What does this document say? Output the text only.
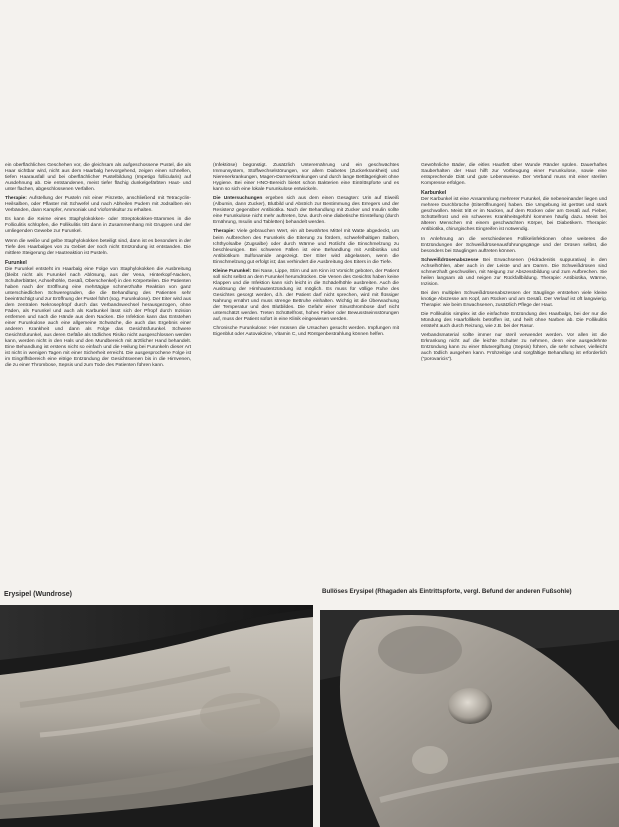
ein oberflächliches Geschehen vor, die gleichsam als aufgeschossene Pustel, die als Haar sichtbar wird, nicht aus dem Haarbalg hervorgehend, zeigen einen schnellen, tiefen Haarausfall und bei oberflächlicher Pustelbildung (Impetigo follicularis) auf Ausdehnung ab. Die entstandenen, meist tiefer flächig dunkelgefärbten Haut- und unter flachen, abgeschlossenen Verfallen.

Therapie: Aufstellung der Pusteln mit einer Pinzette, anschließend mit Tetracyclin-Heilsalben, oder Pflaster mit Schwefel und nach Abheilen Pudern mit Jodsalben ein Verbänden, dann Kampfer, Ammoniak und Vioformkultur zu erhalten.

Es kann die Keime eines Staphylokokken- oder Streptokokken-Stammes in die Folliculitis schlüpfen, die Follikulitis tritt dann in Zusammenhang mit Gruppen und der umliegenden Gewebe zur Furunkel.

Wenn die weiße und gelbe Staphylokokken beteiligt sind, dann ist es besonders in der Tiefe des Haarbalges von zu Gebiet der noch nicht Entzündung ist entstanden. Die mittlere Steigerung der Hautreaktion ist Pusteln.

Furunkel

Die Furunkel entsteht im Haarbalg eine Folge von Staphylokokken die Ausbreitung (bleibt nicht als Furunkel nach Ablösung, aus der Vena, Hinterkopf-Nacken, Schulterblätter, Achselhöhle, Gesäß, Oberschenkel) in den Körperteilen. Die Patienten haben nach der Eröffnung eine mehrtägige schmerzhafte Reaktion von ganz unterschiedlichen Schweregraden, die die Behandlung des Patienten sehr beeinträchtigt und zur Eröffnung der Pustel führt (sog. Furunkulose). Der Eiter wird aus dem zentralen Nekrosepfropf durch das Verbandswechsel herausgezogen, ohne Fäden, als Furunkel und auch als Karbunkel lässt sich der Pfropf durch Inzision entfernen und nach die Hände aus dem Nacken. Die Infektion kann das Entstehen einer Furunkulose auch eine allgemeine Schwäche, die auch das Ergebnis einer anderen Krankheit und dann als Folge das Gesichtsfurunkel. Schwere Gesichtsfurunkel, aus deren Gefäße als tödliches Risiko nicht ausgeschlossen werden kann, werden nicht in den Hals und den Mundbereich mit ärztlicher Hand behandelt. Eine Behandlung ist erstens nicht so einfach und die Heilung bei Furunkeln dieser Art ist nicht in wenigen Tagen mit einer Sicherheit erreicht. Die ausgesprochene Folge ist im Eingriffsbereich eine eitrige Entzündung der Gesichtsvenen bis in die Hirnvenen, die zu einer Thrombose, Sepsis und zum Tode des Patienten führen kann.

(Infektiöse) begünstigt. Zusätzlich Unterernährung und ein geschwächtes Immunsystem, Stoffwechselstörungen, vor allem Diabetes (Zuckerkrankheit) und Nierenerkrankungen, Magen-Darmerkrankungen und durch lange Bettlägerigkeit ohne Hygiene. Bei einer HNO-Bereich bietet schon Bakterien eine Eintrittspforte und es kann so sich eine lokale Furunkulose entwickeln.

Die Untersuchungen ergeben sich aus dem einen Gesagten: Urin auf Eiweiß (Albumin, dann Zucker), Blutbild und Abstrich zur Bestimmung des Erregers und der Resistenz gegenüber Antibiotika. Nach der Behandlung mit Zucker und Insulin sollte eine Furunkulose nicht mehr auftreten, bzw. durch eine diabetische Einstellung (durch Ernährung, Insulin und Tabletten) behandelt werden.

Therapie: Viele gebrauchen Wert, ein alt bewährtes Mittel mit Watte abgedeckt, um beim Aufbrechen des Furunkels die Eiterung zu fördern, schwefelhaltigen Salben, Ichthyolsalbe (Zugsalbe) oder durch Wärme und Rotlicht die Einschmelzung zu beschleunigen. Bei schweren Fällen ist eine Behandlung mit Antibiotika und Antibiotikum Sulfonamide angezeigt. Der Eiter wird abgelassen, wenn die Einschmelzung gut erfolgt ist; das verhindert die Ausbreitung des Eiters in die Tiefe.

Kleine Furunkel: Bei Nase, Lippe, Stirn und am Kinn ist Vorsicht geboten, der Patient soll nicht selbst an dem Furunkel herumdrücken. Die Venen des Gesichts haben keine Klappen und die Infektion kann sich leicht in die Schädelhöhle ausbreiten. Auch die Auslösung der Hirnhautentzündung ist möglich. Es muss für völlige Ruhe des Gesichtes gesorgt werden, d.h. der Patient darf nicht sprechen, wird mit flüssiger Nahrung ernährt und muss strenge Bettruhe einhalten. Wichtig ist die Überwachung der Temperatur und des Blutbildes. Die Gefahr einer Sinusthrombose darf nicht unterschätzt werden. Treten Schüttelfrost, hohes Fieber oder Bewusstseinsstörungen auf, muss der Patient sofort in eine Klinik eingewiesen werden.

Chronische Furunkulose: Hier müssen die Ursachen gesucht werden. Impfungen mit Eigenblut oder Autovakzine, Vitamin C, und Röntgenbestrahlung können helfen.

Gewöhnliche Bäder, die eitles Hautfett über Wunde Ränder spülen. Dauerhaftes Sauberhalten der Haut hilft zur Vorbeugung einer Furunkulose, sowie eine entsprechende Diät und gute Lebensweise. Der Verband muss mit einer sterilen Kompresse erfolgen.

Karbunkel

Der Karbunkel ist eine Ansammlung mehrerer Furunkel, die nebeneinander liegen und mehrere Durchbrüche (Eiteröffnungen) haben. Die Umgebung ist gerötet und stark geschwollen. Meist tritt er im Nacken, auf dem Rücken oder am Gesäß auf. Fieber, Schüttelfrost und ein schweres Krankheitsgefühl kommen häufig dazu. Meist bei älteren Menschen mit einem geschwächten Körper, bei Diabetikern. Therapie: Antibiotika, chirurgisches Eingreifen ist notwendig.

In Anlehnung an die verschiedenen Follikelinfektionen ohne weiteres die Entzündungen der Schweißdrüsenausführungsgänge und der Drüsen selbst, die besonders bei Säuglingen auftreten können.

Schweißdrüsenabszesse Bei Erwachsenen (Hidradenitis suppurativa) in den Achselhöhlen, aber auch in der Leiste und am Damm. Die Schweißdrüsen sind schmerzhaft geschwollen, mit Neigung zur Abszessbildung und zum Aufbrechen. Sie heilen langsam ab und neigen zur Rückfallbildung. Therapie: Antibiotika, Wärme, Inzision.

Bei den multiplen Schweißdrüsenabszessen der Säuglinge entstehen viele kleine knotige Abszesse am Kopf, am Rücken und am Gesäß. Der Verlauf ist oft langwierig. Therapie: wie beim Erwachsenen, zusätzlich Pflege der Haut.

Die Follikulitis simplex ist die einfachste Entzündung des Haarbalgs, bei der nur die Mündung des Haarfollikels betroffen ist, und heilt ohne Narben ab. Die Follikulitis entsteht auch durch Reizung, wie z.B. bei der Rasur.

Verbandsmaterial sollte immer nur steril verwendet werden. Vor allen ist die Erkrankung nicht auf die leichte Schulter zu nehmen, denn eine ausgedehnte Entzündung kann zu einer Blutvergiftung (Sepsis) führen, die sehr schwer, vielleicht auch tödlich ausgehen kann. Frühzeitige und sorgfältige Behandlung ist erforderlich ("porovaricis").

Erysipel (Wundrose)	Bullöses Erysipel (Rhagaden als Eintrittspforte, vergl. Befund der anderen Fußsohle)
